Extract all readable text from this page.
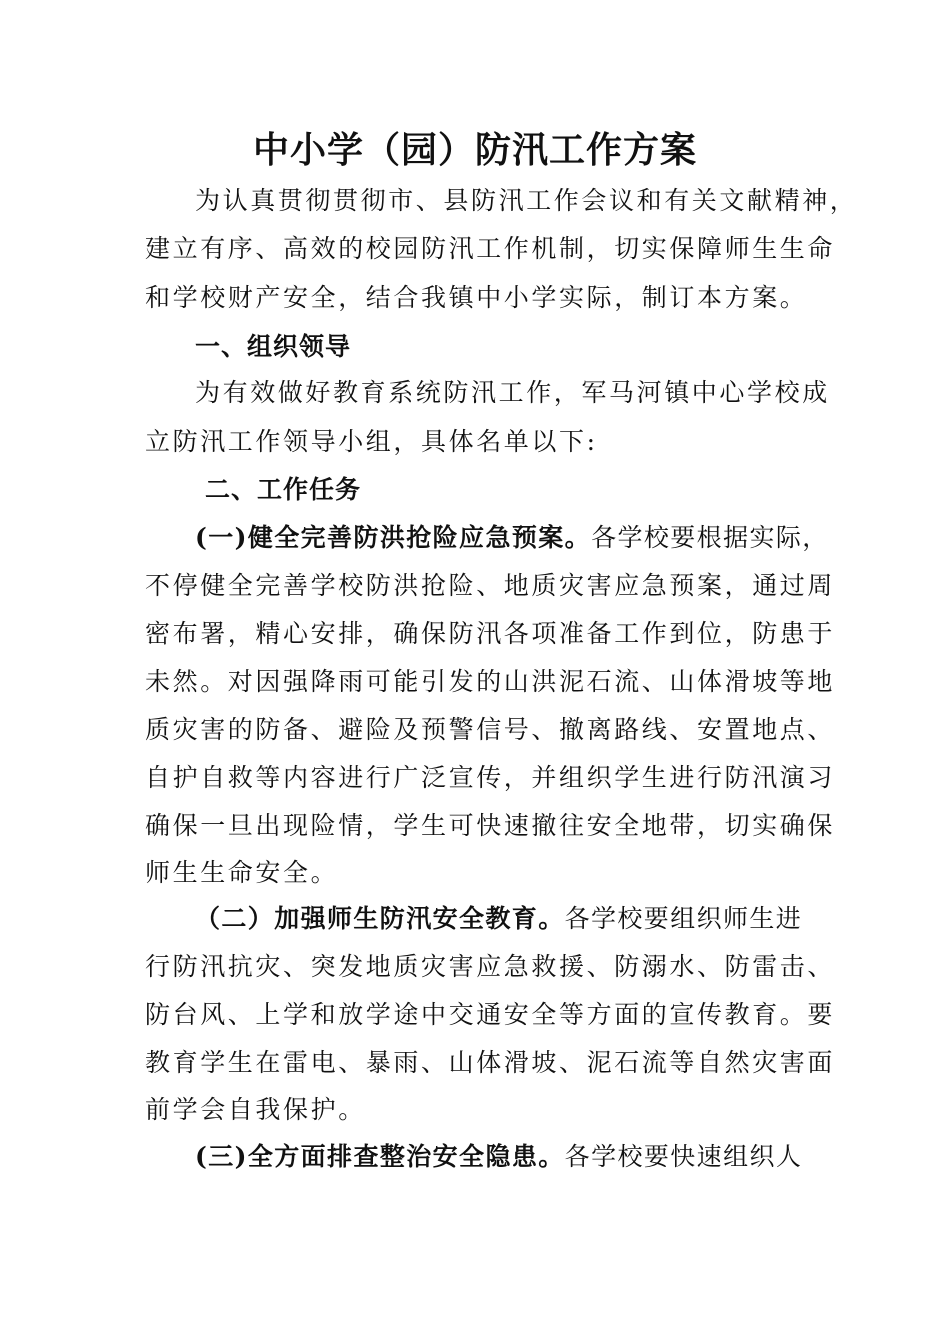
中小学（园）防汛工作方案
为认真贯彻贯彻市、县防汛工作会议和有关文献精神，
建立有序、高效的校园防汛工作机制，切实保障师生生命
和学校财产安全，结合我镇中小学实际，制订本方案。
一、组织领导
为有效做好教育系统防汛工作，军马河镇中心学校成
立防汛工作领导小组，具体名单以下:
二、工作任务
(一)健全完善防洪抢险应急预案。各学校要根据实际，
不停健全完善学校防洪抢险、地质灾害应急预案，通过周
密布署，精心安排，确保防汛各项准备工作到位，防患于
未然。对因强降雨可能引发的山洪泥石流、山体滑坡等地
质灾害的防备、避险及预警信号、撤离路线、安置地点、
自护自救等内容进行广泛宣传，并组织学生进行防汛演习
确保一旦出现险情，学生可快速撤往安全地带，切实确保
师生生命安全。
（二）加强师生防汛安全教育。各学校要组织师生进
行防汛抗灾、突发地质灾害应急救援、防溺水、防雷击、
防台风、上学和放学途中交通安全等方面的宣传教育。要
教育学生在雷电、暴雨、山体滑坡、泥石流等自然灾害面
前学会自我保护。
(三)全方面排查整治安全隐患。各学校要快速组织人
